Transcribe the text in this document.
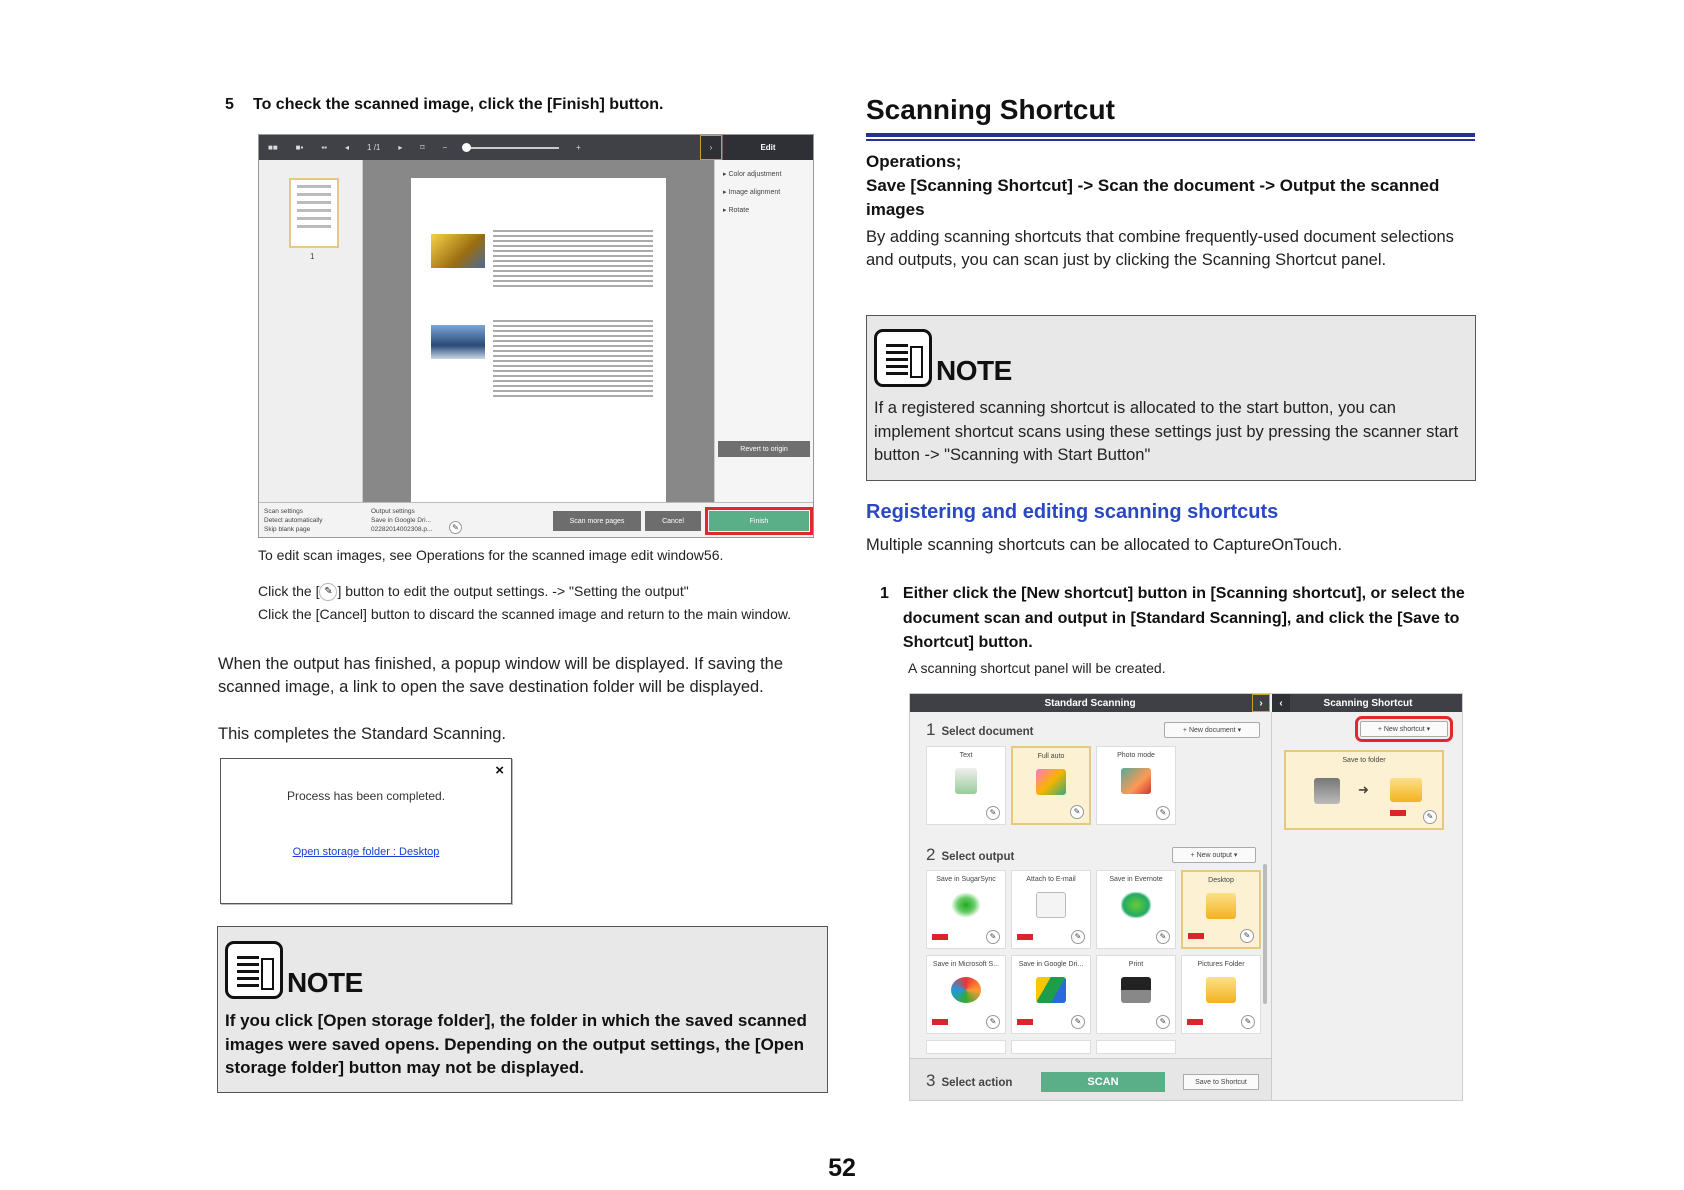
5	To check the scanned image, click the [Finish] button.
■■ ■▪ ▪▪ ◂ 1 /1 ▸ ⌑ −	+	›	Edit
1
▸ Color adjustment
▸ Image alignment
▸ Rotate
Revert to origin
Scan settings
Detect automatically
Skip blank page
Output settings
Save in Google Dri...
02282014002308.p...	✎
Scan more pages	Cancel	Finish
To edit scan images, see Operations for the scanned image edit window56.
Click the [ ✎ ] button to edit the output settings. -> "Setting the output"
Click the [Cancel] button to discard the scanned image and return to the main window.
When the output has finished, a popup window will be displayed. If saving the scanned image, a link to open the save destination folder will be displayed.
This completes the Standard Scanning.
×
Process has been completed.
Open storage folder : Desktop
NOTE
If you click [Open storage folder], the folder in which the saved scanned images were saved opens. Depending on the output settings, the [Open storage folder] button may not be displayed.
Scanning Shortcut
Operations;
Save [Scanning Shortcut] -> Scan the document -> Output the scanned images
By adding scanning shortcuts that combine frequently-used document selections and outputs, you can scan just by clicking the Scanning Shortcut panel.
NOTE
If a registered scanning shortcut is allocated to the start button, you can implement shortcut scans using these settings just by pressing the scanner start button -> "Scanning with Start Button"
Registering and editing scanning shortcuts
Multiple scanning shortcuts can be allocated to CaptureOnTouch.
1 Either click the [New shortcut] button in [Scanning shortcut], or select the document scan and output in [Standard Scanning], and click the [Save to Shortcut] button.
A scanning shortcut panel will be created.
Standard Scanning	›	Scanning Shortcut
‹
1 Select document	+ New document ▾
Text
✎
Full auto
✎
Photo mode
✎
2 Select output	+ New output ▾
Save in SugarSync
✎
Attach to E-mail
✎
Save in Evernote
✎
Desktop
✎
Save in Microsoft S...
✎
Save in Google Dri...
✎
Print
✎
Pictures Folder
✎
3 Select action	SCAN	Save to Shortcut
+ New shortcut ▾
Save to folder
➜
✎
52
